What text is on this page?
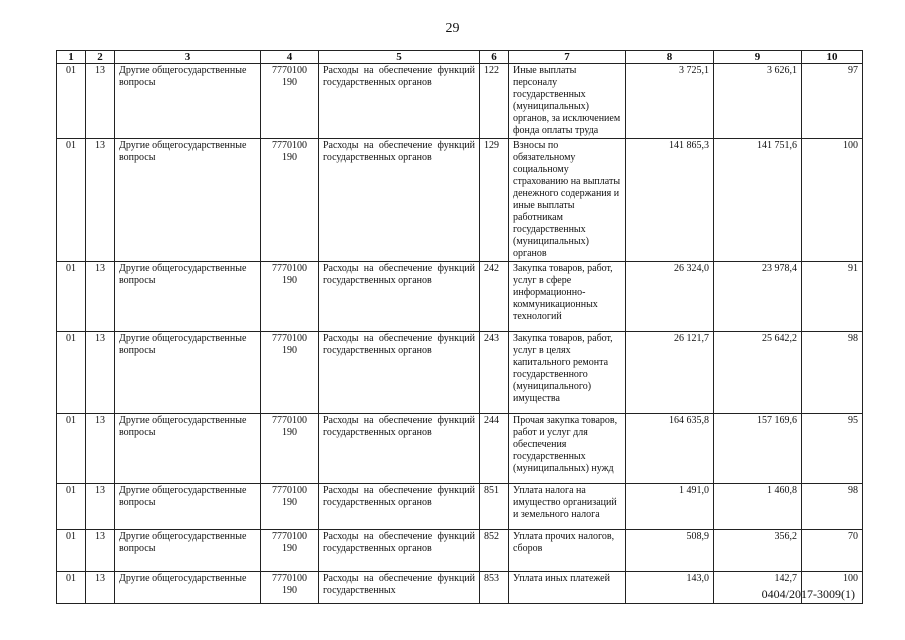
29
1	2	3	4	5	6	7	8	9	10
01	13	Другие общегосударственные вопросы	7770100 190	Расходы на обеспечение функций государственных органов	122	Иные выплаты персоналу государственных (муниципальных) органов, за исключением фонда оплаты труда	3 725,1	3 626,1	97
01	13	Другие общегосударственные вопросы	7770100 190	Расходы на обеспечение функций государственных органов	129	Взносы по обязательному социальному страхованию на выплаты денежного содержания и иные выплаты работникам государственных (муниципальных) органов	141 865,3	141 751,6	100
01	13	Другие общегосударственные вопросы	7770100 190	Расходы на обеспечение функций государственных органов	242	Закупка товаров, работ, услуг в сфере информационно-коммуникационных технологий	26 324,0	23 978,4	91
01	13	Другие общегосударственные вопросы	7770100 190	Расходы на обеспечение функций государственных органов	243	Закупка товаров, работ, услуг в целях капитального ремонта государственного (муниципального) имущества	26 121,7	25 642,2	98
01	13	Другие общегосударственные вопросы	7770100 190	Расходы на обеспечение функций государственных органов	244	Прочая закупка товаров, работ и услуг для обеспечения государственных (муниципальных) нужд	164 635,8	157 169,6	95
01	13	Другие общегосударственные вопросы	7770100 190	Расходы на обеспечение функций государственных органов	851	Уплата налога на имущество организаций и земельного налога	1 491,0	1 460,8	98
01	13	Другие общегосударственные вопросы	7770100 190	Расходы на обеспечение функций государственных органов	852	Уплата прочих налогов, сборов	508,9	356,2	70
01	13	Другие общегосударственные	7770100 190	Расходы на обеспечение функций государственных	853	Уплата иных платежей	143,0	142,7	100
0404/2017-3009(1)
